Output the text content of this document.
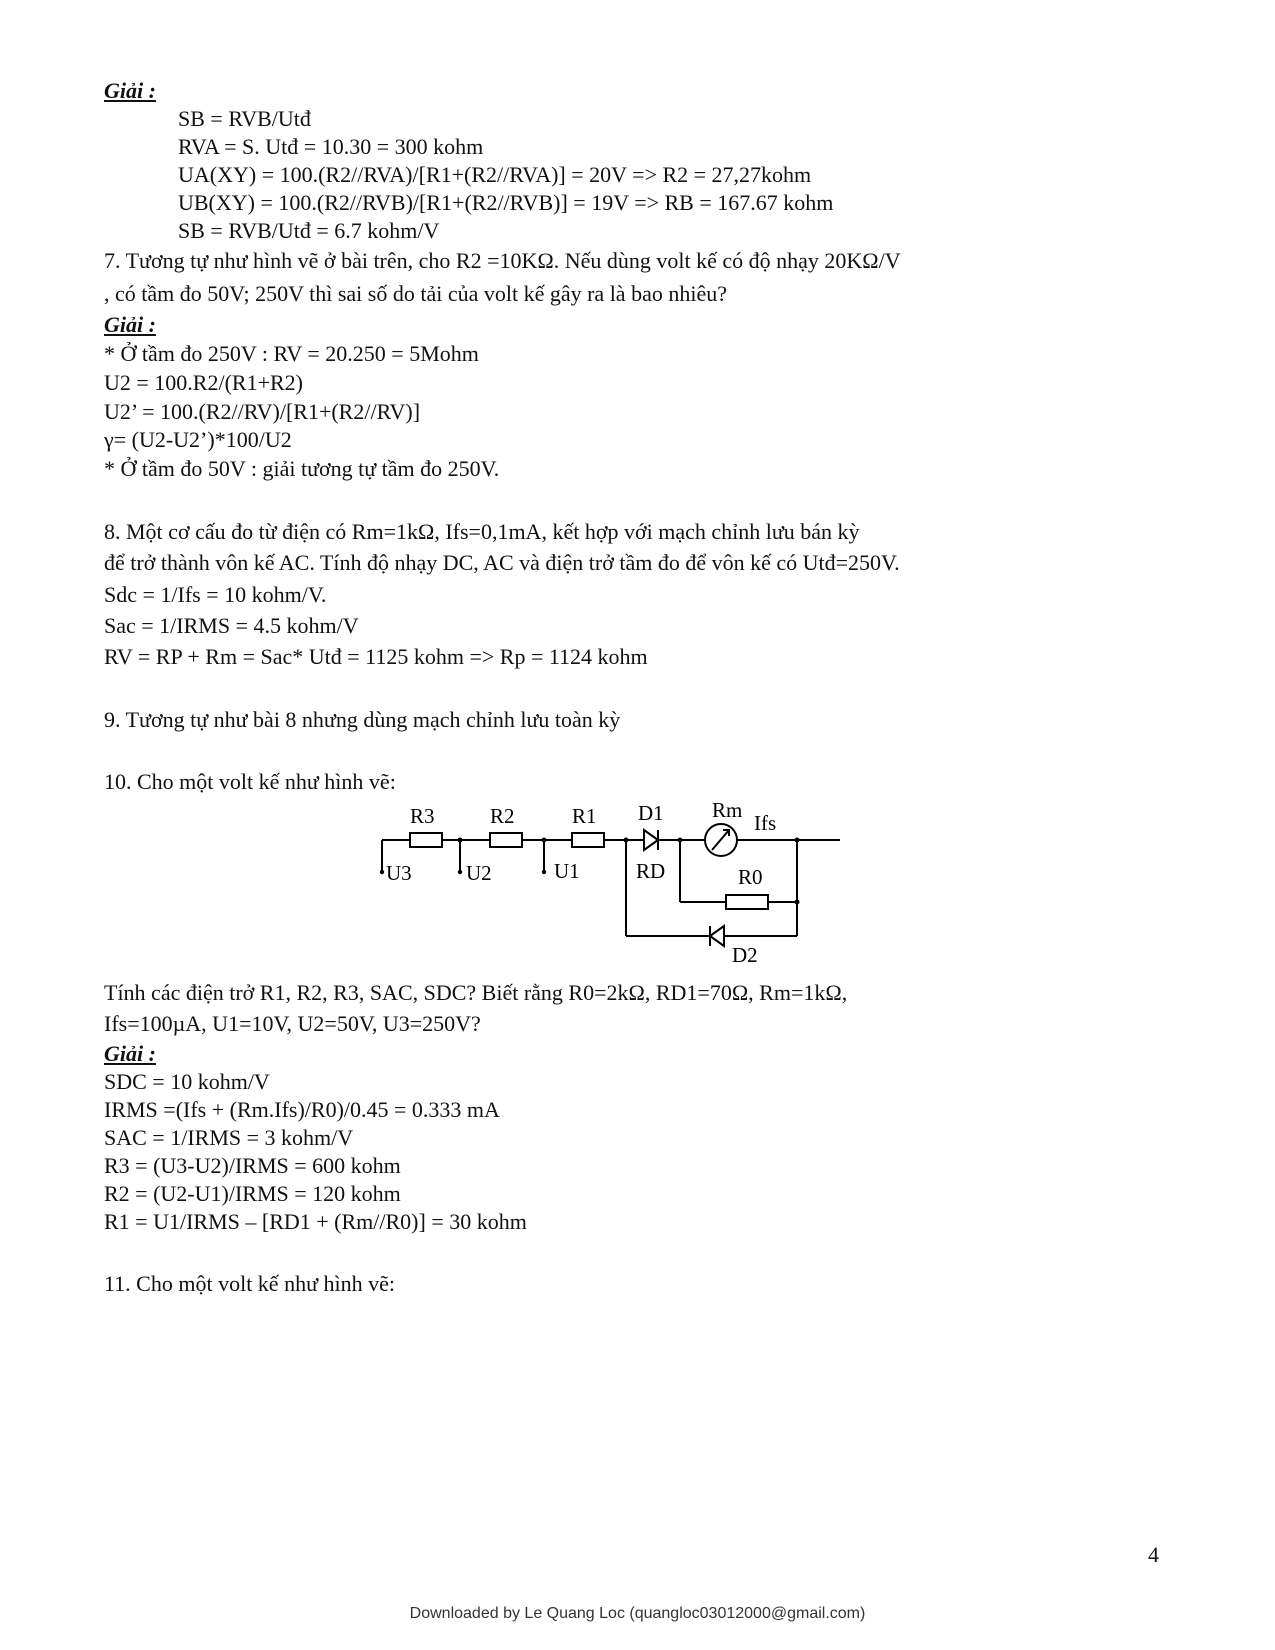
Giải :
SB = RVB/Utđ
RVA = S. Utđ = 10.30 = 300 kohm
UA(XY) = 100.(R2//RVA)/[R1+(R2//RVA)] = 20V => R2 = 27,27kohm
UB(XY) = 100.(R2//RVB)/[R1+(R2//RVB)] = 19V => RB = 167.67 kohm
SB = RVB/Utđ = 6.7 kohm/V
7. Tương tự như hình vẽ ở bài trên, cho R2 =10KΩ. Nếu dùng volt kế có độ nhạy 20KΩ/V
, có tầm đo 50V; 250V thì sai số do tải của volt kế gây ra là bao nhiêu?
Giải :
* Ở tầm đo 250V : RV = 20.250 = 5Mohm
U2 = 100.R2/(R1+R2)
U2’ = 100.(R2//RV)/[R1+(R2//RV)]
γ= (U2-U2’)*100/U2
* Ở tầm đo 50V : giải tương tự tầm đo 250V.
8. Một cơ cấu đo từ điện có Rm=1kΩ, Ifs=0,1mA, kết hợp với mạch chỉnh lưu bán kỳ
để trở thành vôn kế AC. Tính độ nhạy DC, AC và điện trở tầm đo để vôn kế có Utđ=250V.
Sdc = 1/Ifs = 10 kohm/V.
Sac = 1/IRMS = 4.5 kohm/V
RV = RP + Rm = Sac* Utđ = 1125 kohm => Rp = 1124 kohm
9. Tương tự như bài 8 nhưng dùng mạch chỉnh lưu toàn kỳ
10. Cho một volt kế như hình vẽ:
R3	R2	R1 D1 Rm
Ifs
U3	U2	U1	RD	R0
D2
Tính các điện trở R1, R2, R3, SAC, SDC? Biết rằng R0=2kΩ, RD1=70Ω, Rm=1kΩ,
Ifs=100µA, U1=10V, U2=50V, U3=250V?
Giải :
SDC = 10 kohm/V
IRMS =(Ifs + (Rm.Ifs)/R0)/0.45 = 0.333 mA
SAC = 1/IRMS = 3 kohm/V
R3 = (U3-U2)/IRMS = 600 kohm
R2 = (U2-U1)/IRMS = 120 kohm
R1 = U1/IRMS – [RD1 + (Rm//R0)] = 30 kohm
11. Cho một volt kế như hình vẽ:
4
Downloaded by Le Quang Loc (quangloc03012000@gmail.com)
